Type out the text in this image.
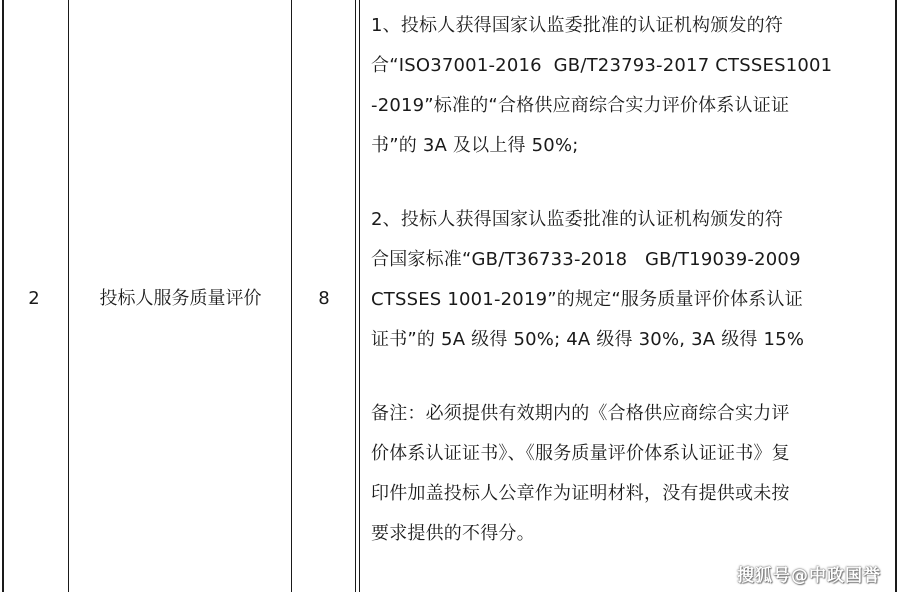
2	投标人服务质量评价	8
1、投标人获得国家认监委批准的认证机构颁发的符
合“ISO37001-2016  GB/T23793-2017 CTSSES1001
-2019”标准的“合格供应商综合实力评价体系认证证
书”的 3A 及以上得 50%;
2、投标人获得国家认监委批准的认证机构颁发的符
合国家标准“GB/T36733-2018   GB/T19039-2009
CTSSES 1001-2019”的规定“服务质量评价体系认证
证书”的 5A 级得 50%; 4A 级得 30%, 3A 级得 15%
备注：必须提供有效期内的《合格供应商综合实力评
价体系认证证书》、《服务质量评价体系认证证书》复
印件加盖投标人公章作为证明材料，没有提供或未按
要求提供的不得分。
搜狐号@中政国誉
